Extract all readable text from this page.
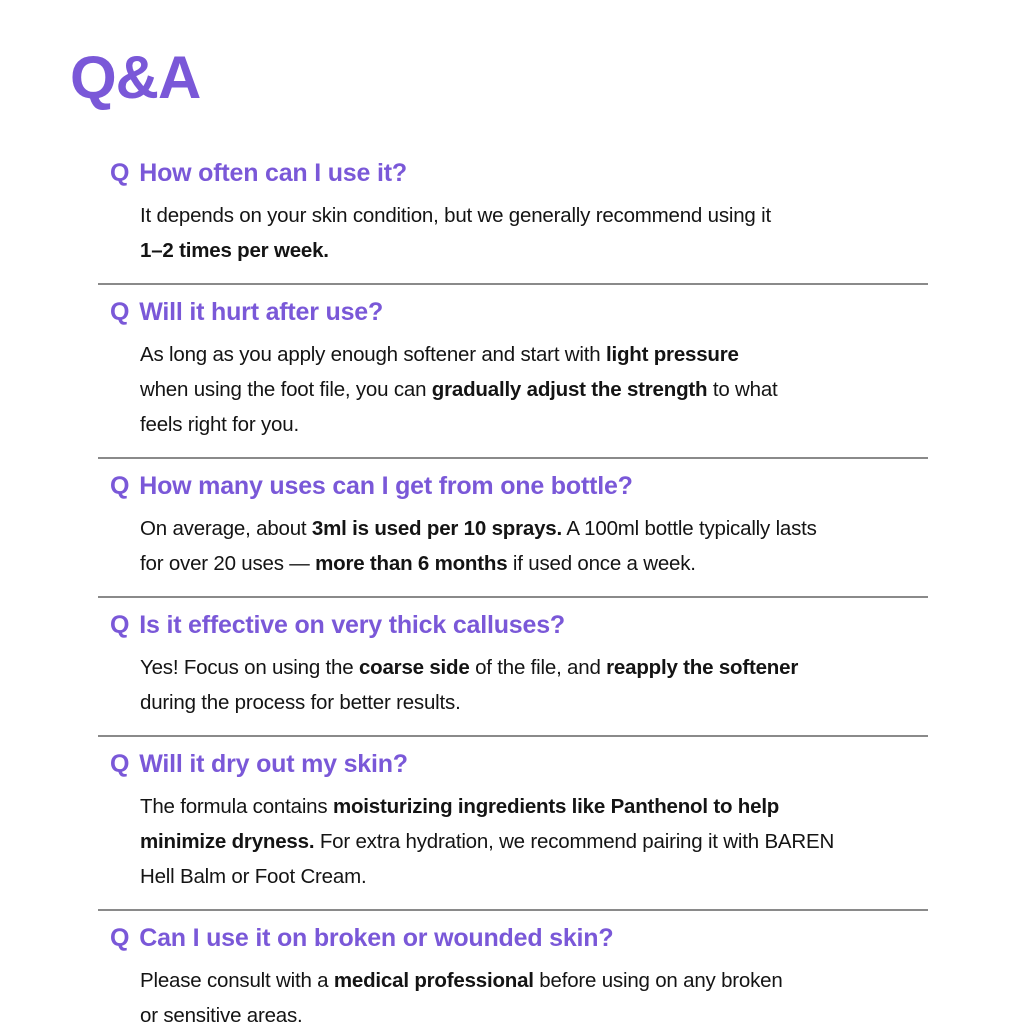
Q&A
Q How often can I use it?
It depends on your skin condition, but we generally recommend using it
1–2 times per week.
Q Will it hurt after use?
As long as you apply enough softener and start with light pressure
when using the foot file, you can gradually adjust the strength to what
feels right for you.
Q How many uses can I get from one bottle?
On average, about 3ml is used per 10 sprays. A 100ml bottle typically lasts
for over 20 uses — more than 6 months if used once a week.
Q Is it effective on very thick calluses?
Yes! Focus on using the coarse side of the file, and reapply the softener
during the process for better results.
Q Will it dry out my skin?
The formula contains moisturizing ingredients like Panthenol to help
minimize dryness. For extra hydration, we recommend pairing it with BAREN
Hell Balm or Foot Cream.
Q Can I use it on broken or wounded skin?
Please consult with a medical professional before using on any broken
or sensitive areas.
